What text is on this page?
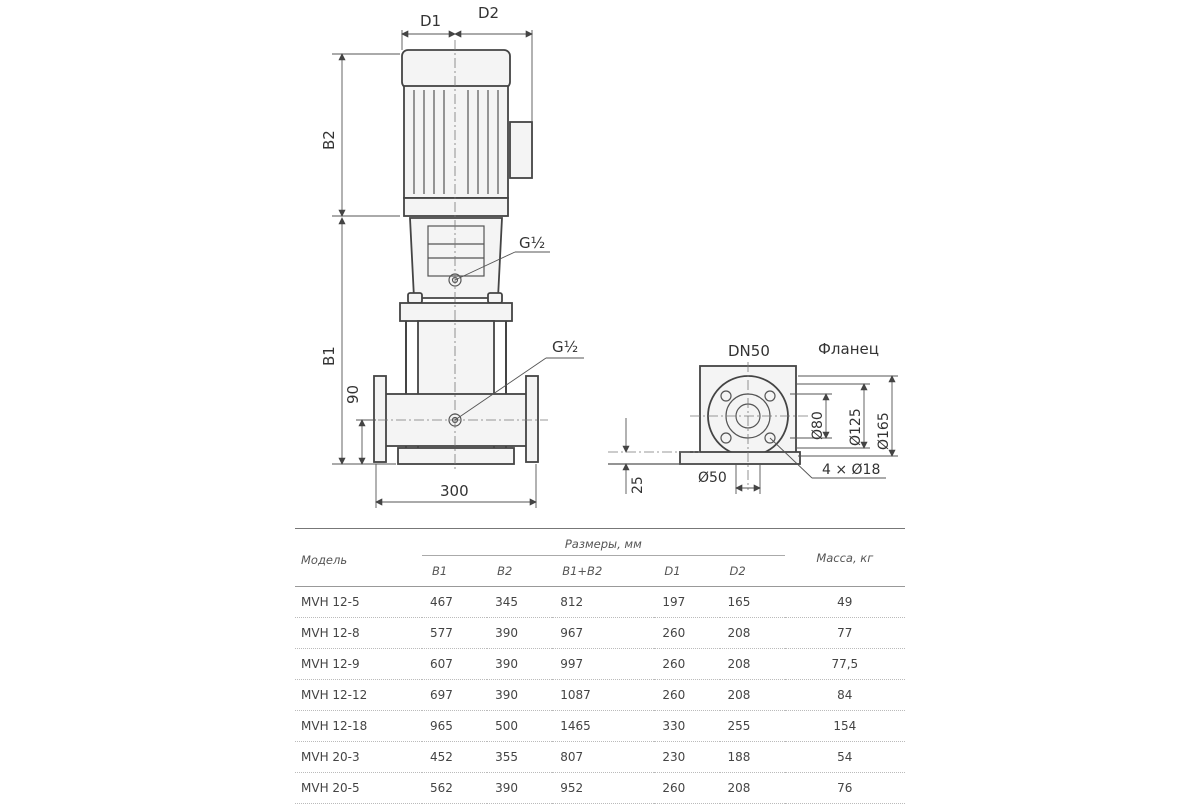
D1 D2
B2
B1
90
300
G½
G½	DN50	Фланец
Ø80 Ø125 Ø165
Ø50
25
4 × Ø18
Модель	Размеры, мм					Масса, кг
	B1	B2	B1+B2	D1	D2	
MVH 12-5	467	345	812	197	165	49
MVH 12-8	577	390	967	260	208	77
MVH 12-9	607	390	997	260	208	77,5
MVH 12-12	697	390	1087	260	208	84
MVH 12-18	965	500	1465	330	255	154
MVH 20-3	452	355	807	230	188	54
MVH 20-5	562	390	952	260	208	76
